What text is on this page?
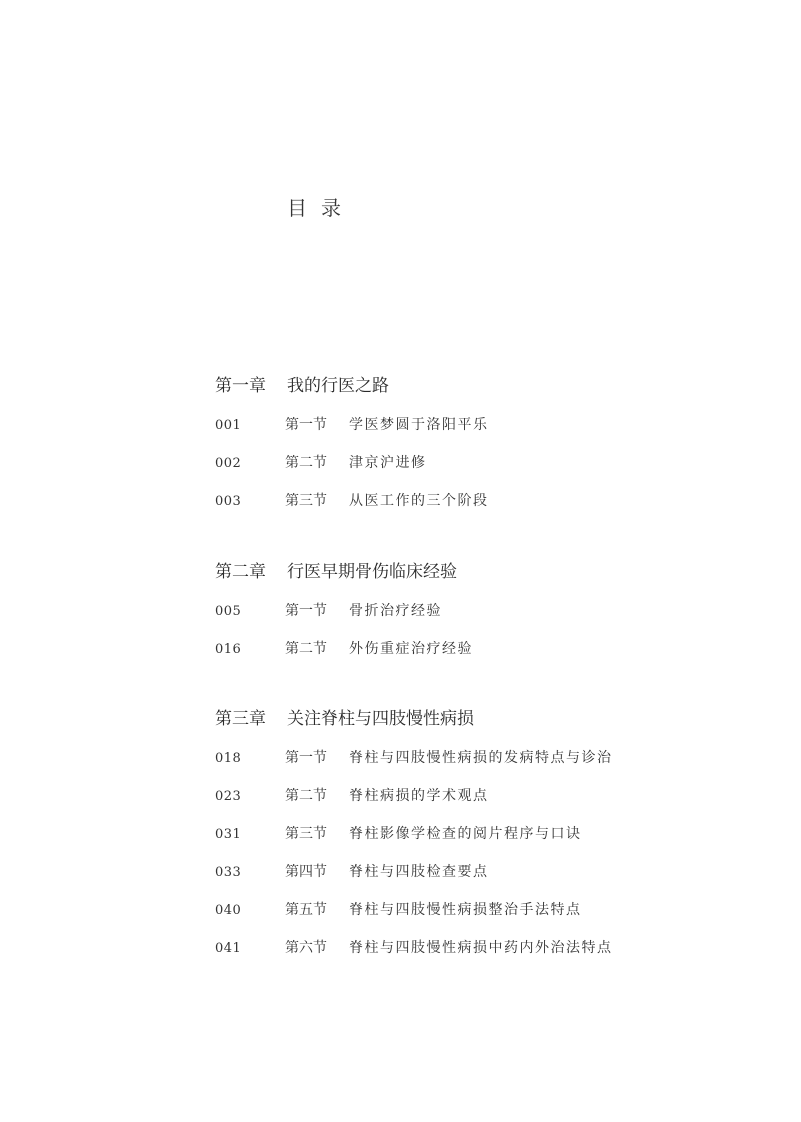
目录
第一章 我的行医之路
001	第一节 学医梦圆于洛阳平乐
002	第二节 津京沪进修
003	第三节 从医工作的三个阶段
第二章 行医早期骨伤临床经验
005	第一节 骨折治疗经验
016	第二节 外伤重症治疗经验
第三章 关注脊柱与四肢慢性病损
018	第一节 脊柱与四肢慢性病损的发病特点与诊治
023	第二节 脊柱病损的学术观点
031	第三节 脊柱影像学检查的阅片程序与口诀
033	第四节 脊柱与四肢检查要点
040	第五节 脊柱与四肢慢性病损整治手法特点
041	第六节 脊柱与四肢慢性病损中药内外治法特点
